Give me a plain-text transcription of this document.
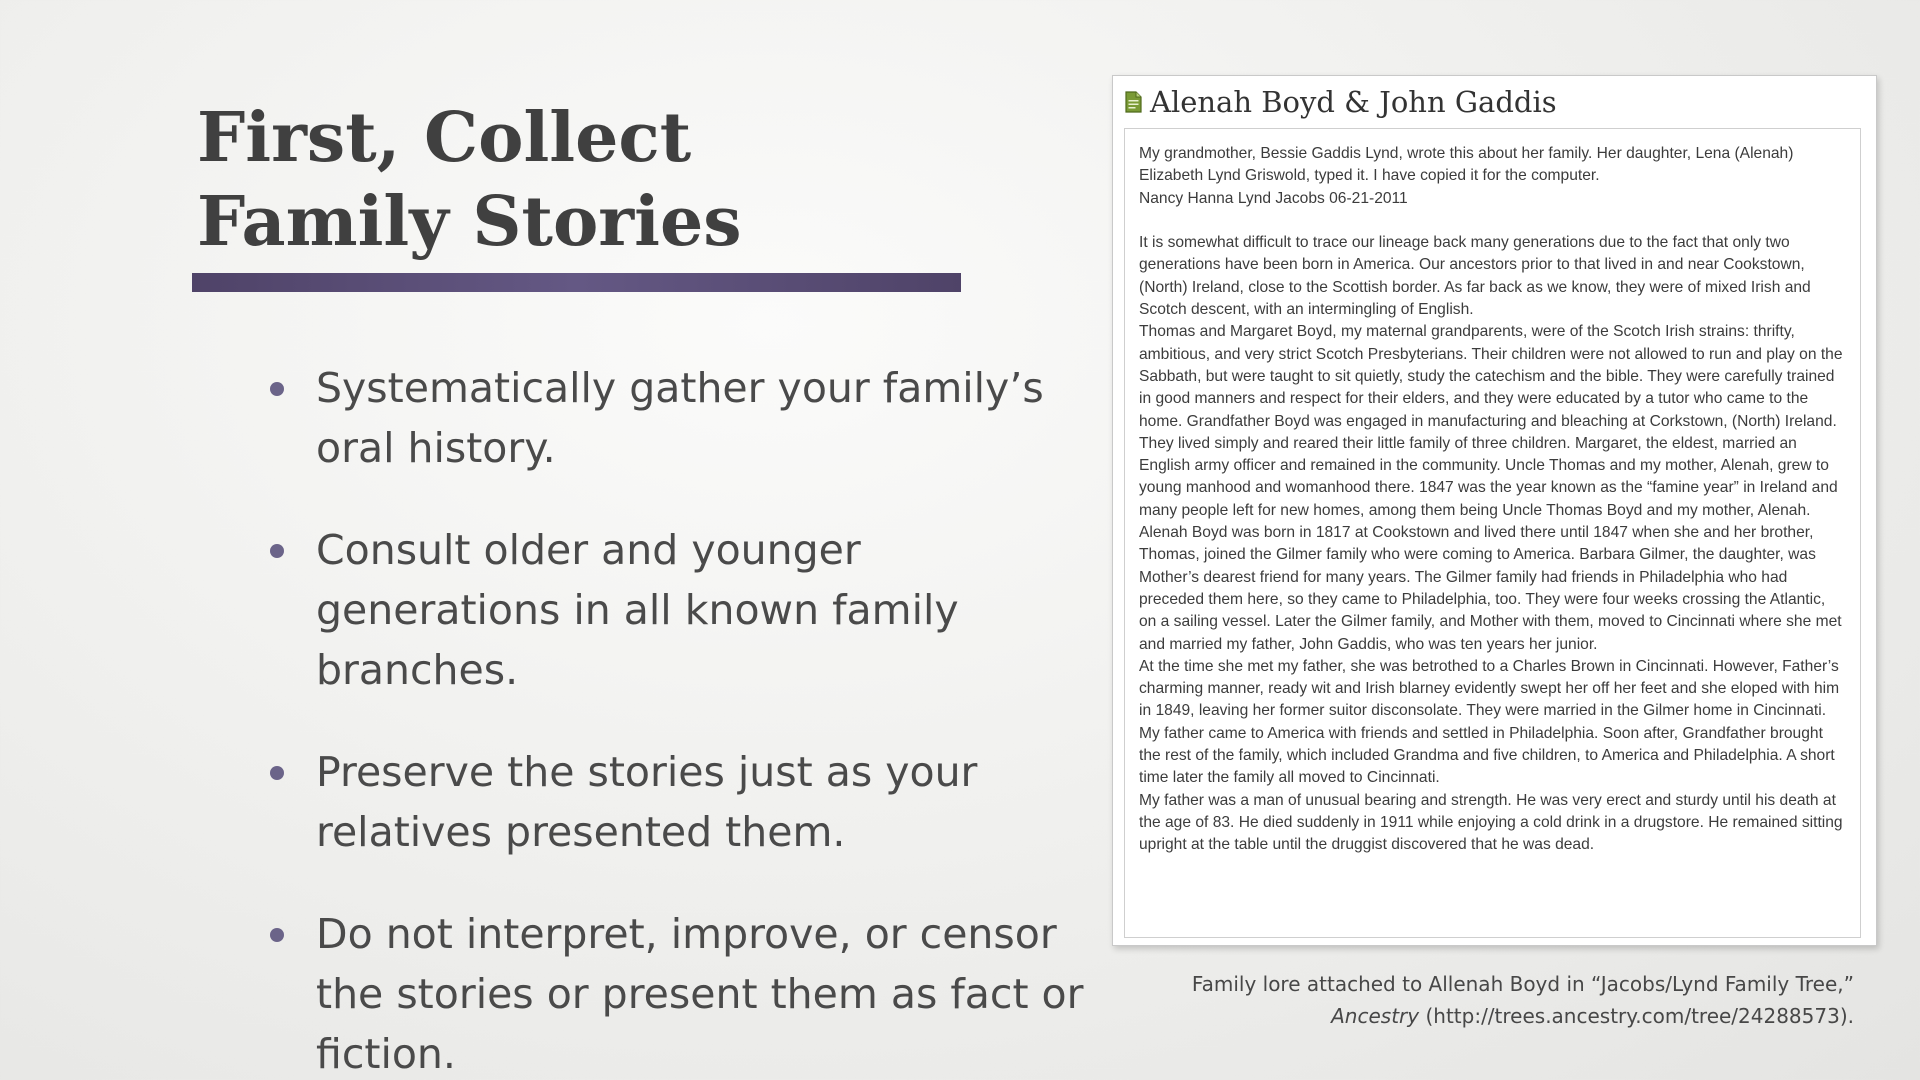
First, Collect
Family Stories
Systematically gather your family’s oral history.
Consult older and younger generations in all known family branches.
Preserve the stories just as your relatives presented them.
Do not interpret, improve, or censor the stories or present them as fact or fiction.
Alenah Boyd & John Gaddis

My grandmother, Bessie Gaddis Lynd, wrote this about her family. Her daughter, Lena (Alenah) Elizabeth Lynd Griswold, typed it. I have copied it for the computer.

Nancy Hanna Lynd Jacobs 06-21-2011

It is somewhat difficult to trace our lineage back many generations due to the fact that only two generations have been born in America. Our ancestors prior to that lived in and near Cookstown, (North) Ireland, close to the Scottish border. As far back as we know, they were of mixed Irish and Scotch descent, with an intermingling of English.

Thomas and Margaret Boyd, my maternal grandparents, were of the Scotch Irish strains: thrifty, ambitious, and very strict Scotch Presbyterians. Their children were not allowed to run and play on the Sabbath, but were taught to sit quietly, study the catechism and the bible. They were carefully trained in good manners and respect for their elders, and they were educated by a tutor who came to the home. Grandfather Boyd was engaged in manufacturing and bleaching at Corkstown, (North) Ireland. They lived simply and reared their little family of three children. Margaret, the eldest, married an English army officer and remained in the community. Uncle Thomas and my mother, Alenah, grew to young manhood and womanhood there. 1847 was the year known as the “famine year” in Ireland and many people left for new homes, among them being Uncle Thomas Boyd and my mother, Alenah.

Alenah Boyd was born in 1817 at Cookstown and lived there until 1847 when she and her brother, Thomas, joined the Gilmer family who were coming to America. Barbara Gilmer, the daughter, was Mother’s dearest friend for many years. The Gilmer family had friends in Philadelphia who had preceded them here, so they came to Philadelphia, too. They were four weeks crossing the Atlantic, on a sailing vessel. Later the Gilmer family, and Mother with them, moved to Cincinnati where she met and married my father, John Gaddis, who was ten years her junior.

At the time she met my father, she was betrothed to a Charles Brown in Cincinnati. However, Father’s charming manner, ready wit and Irish blarney evidently swept her off her feet and she eloped with him in 1849, leaving her former suitor disconsolate. They were married in the Gilmer home in Cincinnati.

My father came to America with friends and settled in Philadelphia. Soon after, Grandfather brought the rest of the family, which included Grandma and five children, to America and Philadelphia. A short time later the family all moved to Cincinnati.

My father was a man of unusual bearing and strength. He was very erect and sturdy until his death at the age of 83. He died suddenly in 1911 while enjoying a cold drink in a drugstore. He remained sitting upright at the table until the druggist discovered that he was dead.

Family lore attached to Allenah Boyd in “Jacobs/Lynd Family Tree,” Ancestry (http://trees.ancestry.com/tree/24288573).
